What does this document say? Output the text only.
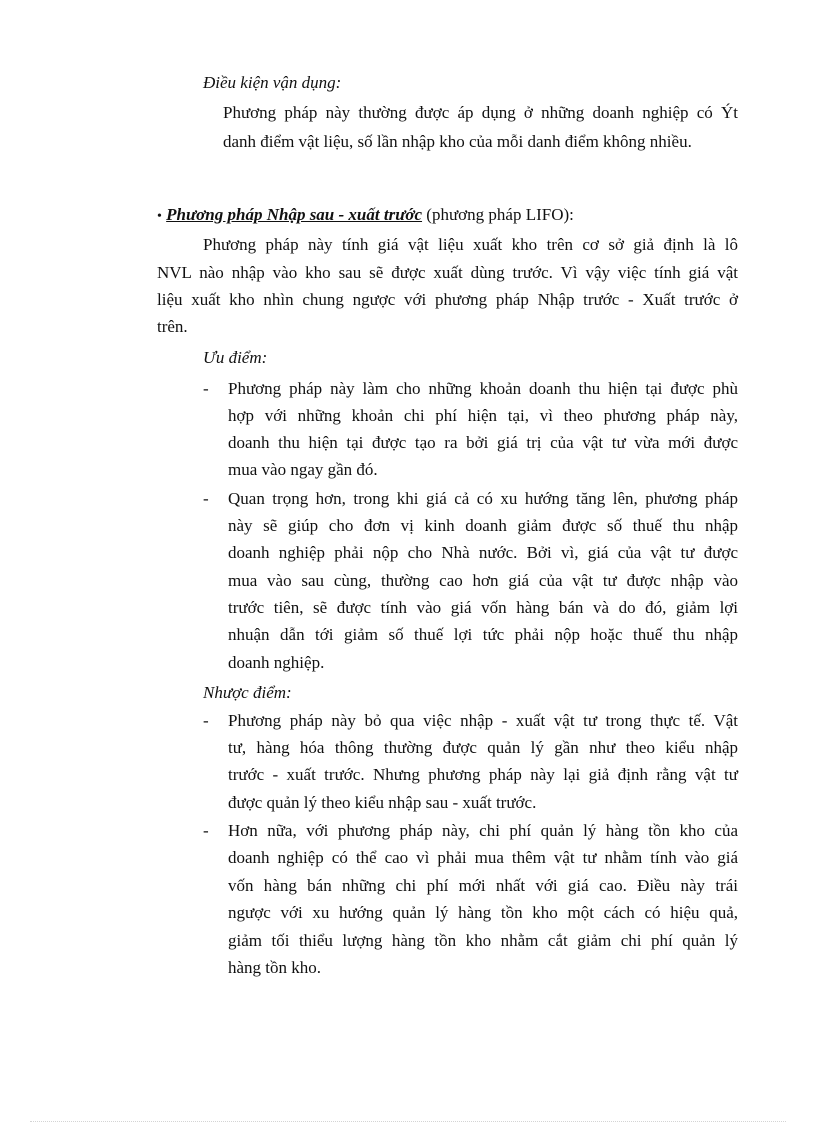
Điều kiện vận dụng:
Phương pháp này thường được áp dụng ở những doanh nghiệp có Ýt
danh điểm vật liệu, số lần nhập kho của mỗi danh điểm không nhiều.
• Phương pháp Nhập sau - xuất trước (phương pháp LIFO):
Phương pháp này tính giá vật liệu xuất kho trên cơ sở giả định là lô
NVL nào nhập vào kho sau sẽ được xuất dùng trước. Vì vậy việc tính giá vật
liệu xuất kho nhìn chung ngược với phương pháp Nhập trước - Xuất trước ở
trên.
Ưu điểm:
- Phương pháp này làm cho những khoản doanh thu hiện tại được phù
hợp với những khoản chi phí hiện tại, vì theo phương pháp này,
doanh thu hiện tại được tạo ra bởi giá trị của vật tư vừa mới được
mua vào ngay gần đó.
- Quan trọng hơn, trong khi giá cả có xu hướng tăng lên, phương pháp
này sẽ giúp cho đơn vị kinh doanh giảm được số thuế thu nhập
doanh nghiệp phải nộp cho Nhà nước. Bởi vì, giá của vật tư được
mua vào sau cùng, thường cao hơn giá của vật tư được nhập vào
trước tiên, sẽ được tính vào giá vốn hàng bán và do đó, giảm lợi
nhuận dẫn tới giảm số thuế lợi tức phải nộp hoặc thuế thu nhập
doanh nghiệp.
Nhược điểm:
- Phương pháp này bỏ qua việc nhập - xuất vật tư trong thực tế. Vật
tư, hàng hóa thông thường được quản lý gần như theo kiểu nhập
trước - xuất trước. Nhưng phương pháp này lại giả định rằng vật tư
được quản lý theo kiểu nhập sau - xuất trước.
- Hơn nữa, với phương pháp này, chi phí quản lý hàng tồn kho của
doanh nghiệp có thể cao vì phải mua thêm vật tư nhằm tính vào giá
vốn hàng bán những chi phí mới nhất với giá cao. Điều này trái
ngược với xu hướng quản lý hàng tồn kho một cách có hiệu quả,
giảm tối thiểu lượng hàng tồn kho nhằm cắt giảm chi phí quản lý
hàng tồn kho.
